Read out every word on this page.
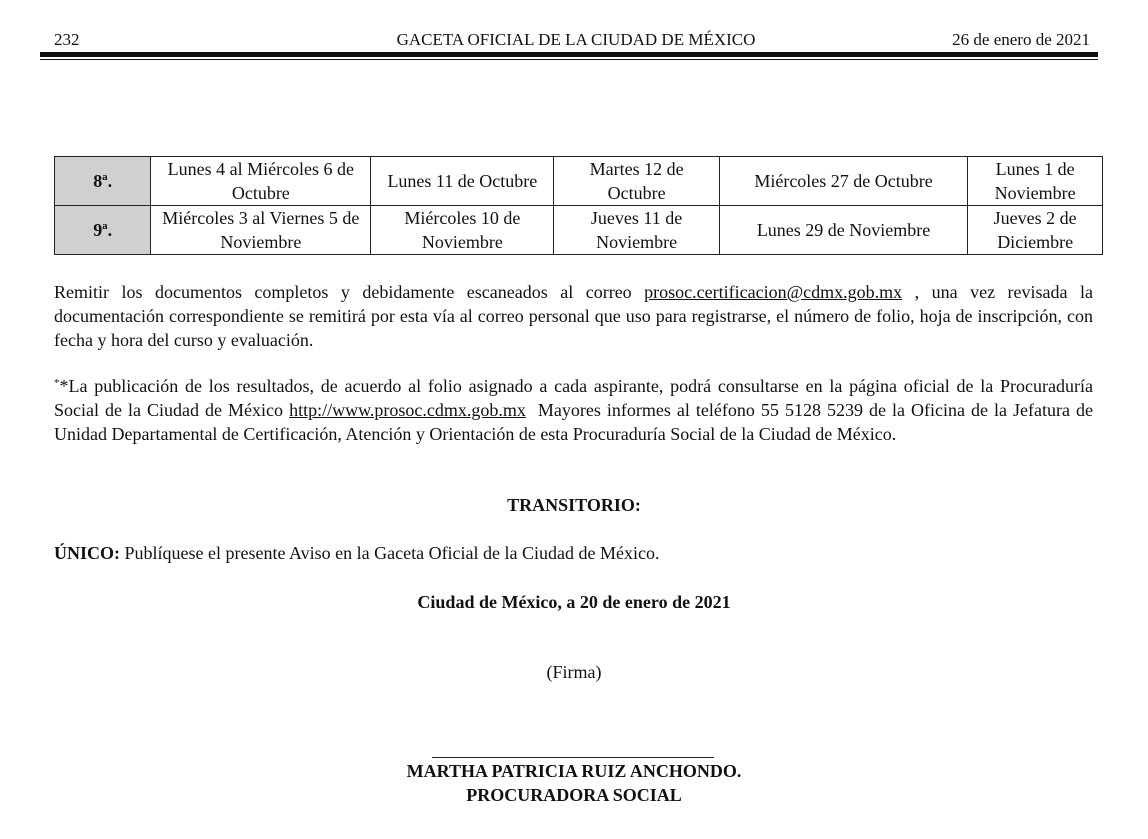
232	GACETA OFICIAL DE LA CIUDAD DE MÉXICO	26 de enero de 2021
8ª.	Lunes 4 al Miércoles 6 de Octubre	Lunes 11 de Octubre	Martes 12 de Octubre	Miércoles 27 de Octubre	Lunes 1 de Noviembre
9ª.	Miércoles 3 al Viernes 5 de Noviembre	Miércoles 10 de Noviembre	Jueves 11 de Noviembre	Lunes 29 de Noviembre	Jueves 2 de Diciembre
Remitir los documentos completos y debidamente escaneados al correo prosoc.certificacion@cdmx.gob.mx , una vez revisada la documentación correspondiente se remitirá por esta vía al correo personal que uso para registrarse, el número de folio, hoja de inscripción, con fecha y hora del curso y evaluación.
**La publicación de los resultados, de acuerdo al folio asignado a cada aspirante, podrá consultarse en la página oficial de la Procuraduría Social de la Ciudad de México http://www.prosoc.cdmx.gob.mx  Mayores informes al teléfono 55 5128 5239 de la Oficina de la Jefatura de Unidad Departamental de Certificación, Atención y Orientación de esta Procuraduría Social de la Ciudad de México.
TRANSITORIO:
ÚNICO: Publíquese el presente Aviso en la Gaceta Oficial de la Ciudad de México.
Ciudad de México, a 20 de enero de 2021
(Firma)
MARTHA PATRICIA RUIZ ANCHONDO.
PROCURADORA SOCIAL
